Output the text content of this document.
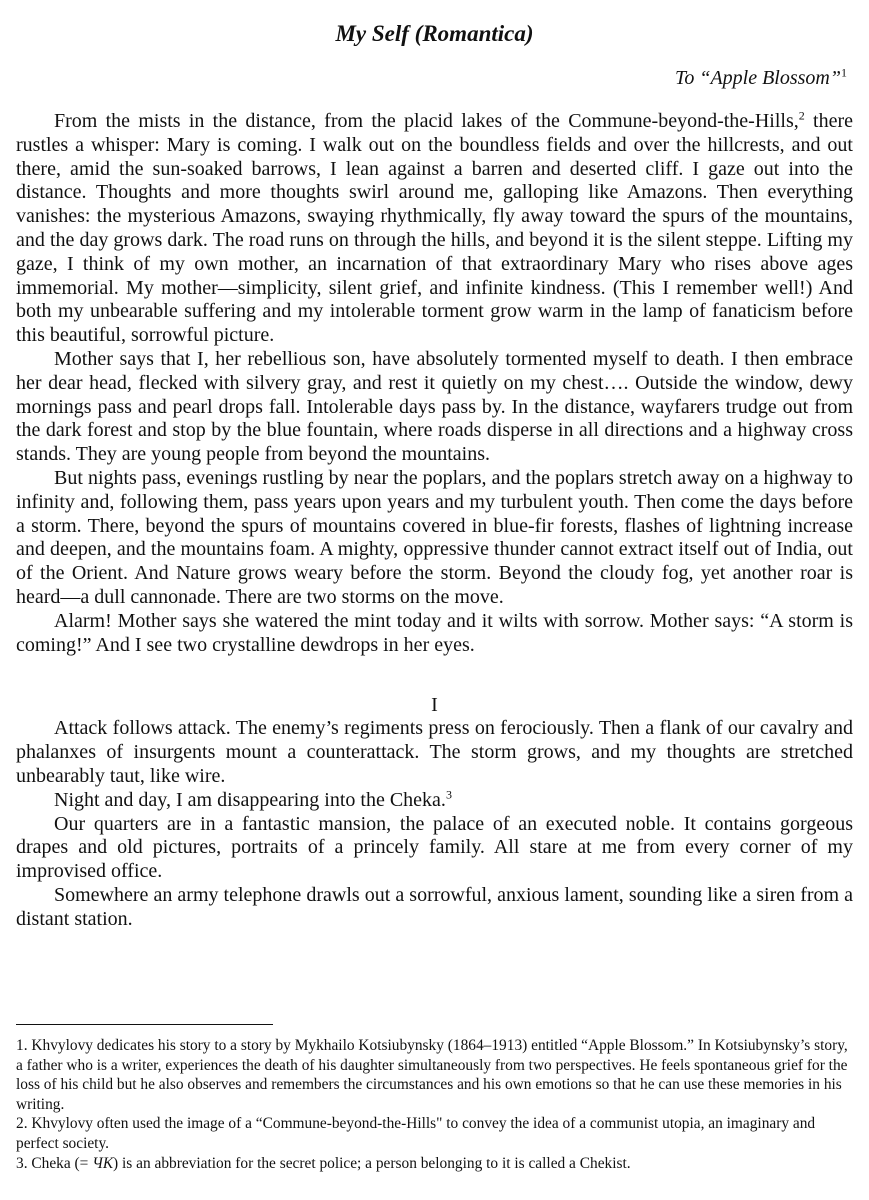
My Self (Romantica)
To “Apple Blossom”$^1$

From the mists in the distance, from the placid lakes of the Commune-beyond-the-Hills,$^2$ there rustles a whisper: Mary is coming. I walk out on the boundless fields and over the hillcrests, and out there, amid the sun-soaked barrows, I lean against a barren and deserted cliff. I gaze out into the distance. Thoughts and more thoughts swirl around me, galloping like Amazons. Then everything vanishes: the mysterious Amazons, swaying rhythmically, fly away toward the spurs of the mountains, and the day grows dark. The road runs on through the hills, and beyond it is the silent steppe. Lifting my gaze, I think of my own mother, an incarnation of that extraordinary Mary who rises above ages immemorial. My mother—simplicity, silent grief, and infinite kindness. (This I remember well!) And both my unbearable suffering and my intolerable torment grow warm in the lamp of fanaticism before this beautiful, sorrowful picture.

Mother says that I, her rebellious son, have absolutely tormented myself to death. I then embrace her dear head, flecked with silvery gray, and rest it quietly on my chest…. Outside the window, dewy mornings pass and pearl drops fall. Intolerable days pass by. In the distance, wayfarers trudge out from the dark forest and stop by the blue fountain, where roads disperse in all directions and a highway cross stands. They are young people from beyond the mountains.

But nights pass, evenings rustling by near the poplars, and the poplars stretch away on a highway to infinity and, following them, pass years upon years and my turbulent youth. Then come the days before a storm. There, beyond the spurs of mountains covered in blue-fir forests, flashes of lightning increase and deepen, and the mountains foam. A mighty, oppressive thunder cannot extract itself out of India, out of the Orient. And Nature grows weary before the storm. Beyond the cloudy fog, yet another roar is heard—a dull cannonade. There are two storms on the move.

Alarm! Mother says she watered the mint today and it wilts with sorrow. Mother says: “A storm is coming!” And I see two crystalline dewdrops in her eyes.

I

Attack follows attack. The enemy’s regiments press on ferociously. Then a flank of our cavalry and phalanxes of insurgents mount a counterattack. The storm grows, and my thoughts are stretched unbearably taut, like wire.

Night and day, I am disappearing into the Cheka.$^3$

Our quarters are in a fantastic mansion, the palace of an executed noble. It contains gorgeous drapes and old pictures, portraits of a princely family. All stare at me from every corner of my improvised office.

Somewhere an army telephone drawls out a sorrowful, anxious lament, sounding like a siren from a distant station.

1. Khvylovy dedicates his story to a story by Mykhailo Kotsiubynsky (1864–1913) entitled “Apple Blossom.” In Kotsiubynsky’s story, a father who is a writer, experiences the death of his daughter simultaneously from two perspectives. He feels spontaneous grief for the loss of his child but he also observes and remembers the circumstances and his own emotions so that he can use these memories in his writing.

2. Khvylovy often used the image of a “Commune-beyond-the-Hills" to convey the idea of a communist utopia, an imaginary and perfect society.

3. Cheka (= ЧК) is an abbreviation for the secret police; a person belonging to it is called a Chekist.
